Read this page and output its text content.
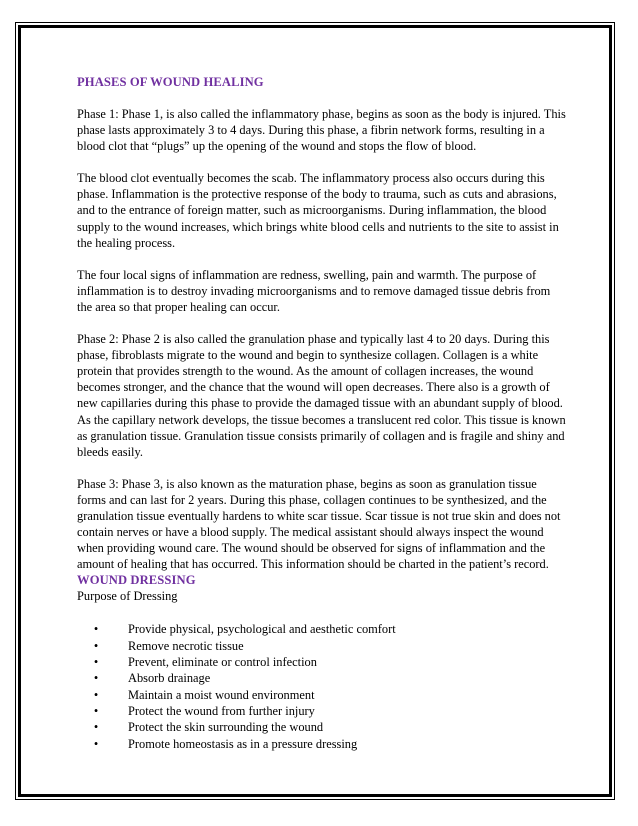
PHASES OF WOUND HEALING

Phase 1: Phase 1, is also called the inflammatory phase, begins as soon as the body is injured. This phase lasts approximately 3 to 4 days. During this phase, a fibrin network forms, resulting in a blood clot that “plugs” up the opening of the wound and stops the flow of blood.

The blood clot eventually becomes the scab. The inflammatory process also occurs during this phase. Inflammation is the protective response of the body to trauma, such as cuts and abrasions, and to the entrance of foreign matter, such as microorganisms. During inflammation, the blood supply to the wound increases, which brings white blood cells and nutrients to the site to assist in the healing process.

The four local signs of inflammation are redness, swelling, pain and warmth. The purpose of inflammation is to destroy invading microorganisms and to remove damaged tissue debris from the area so that proper healing can occur.

Phase 2: Phase 2 is also called the granulation phase and typically last 4 to 20 days. During this phase, fibroblasts migrate to the wound and begin to synthesize collagen. Collagen is a white protein that provides strength to the wound. As the amount of collagen increases, the wound becomes stronger, and the chance that the wound will open decreases. There also is a growth of new capillaries during this phase to provide the damaged tissue with an abundant supply of blood. As the capillary network develops, the tissue becomes a translucent red color. This tissue is known as granulation tissue. Granulation tissue consists primarily of collagen and is fragile and shiny and bleeds easily.

Phase 3: Phase 3, is also known as the maturation phase, begins as soon as granulation tissue forms and can last for 2 years. During this phase, collagen continues to be synthesized, and the granulation tissue eventually hardens to white scar tissue. Scar tissue is not true skin and does not contain nerves or have a blood supply. The medical assistant should always inspect the wound when providing wound care. The wound should be observed for signs of inflammation and the amount of healing that has occurred. This information should be charted in the patient’s record.

WOUND DRESSING

Purpose of Dressing

• Provide physical, psychological and aesthetic comfort
• Remove necrotic tissue
• Prevent, eliminate or control infection
• Absorb drainage
• Maintain a moist wound environment
• Protect the wound from further injury
• Protect the skin surrounding the wound
• Promote homeostasis as in a pressure dressing
